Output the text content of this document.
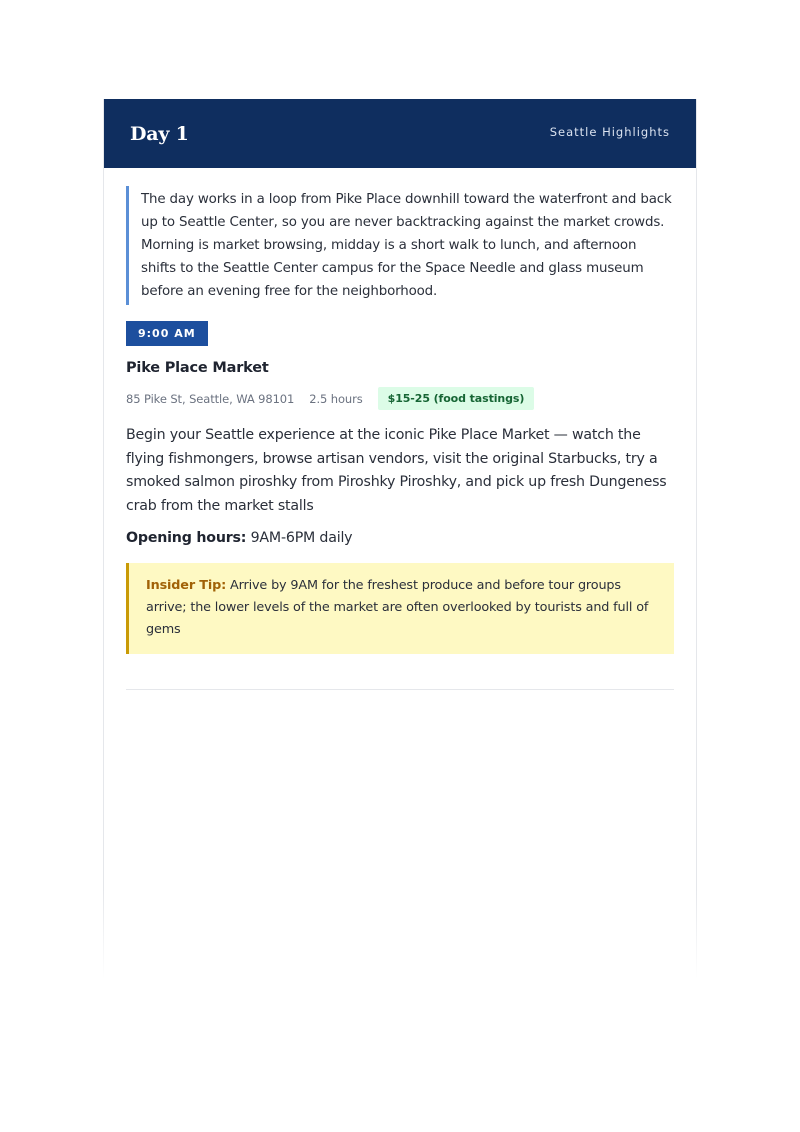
Day 1	Seattle Highlights

The day works in a loop from Pike Place downhill toward the waterfront and back up to Seattle Center, so you are never backtracking against the market crowds. Morning is market browsing, midday is a short walk to lunch, and afternoon shifts to the Seattle Center campus for the Space Needle and glass museum before an evening free for the neighborhood.

9:00 AM
Pike Place Market
85 Pike St, Seattle, WA 98101 2.5 hours	$15-25 (food tastings)

Begin your Seattle experience at the iconic Pike Place Market — watch the flying fishmongers, browse artisan vendors, visit the original Starbucks, try a smoked salmon piroshky from Piroshky Piroshky, and pick up fresh Dungeness crab from the market stalls

Opening hours: 9AM-6PM daily

Insider Tip: Arrive by 9AM for the freshest produce and before tour groups arrive; the lower levels of the market are often overlooked by tourists and full of gems
